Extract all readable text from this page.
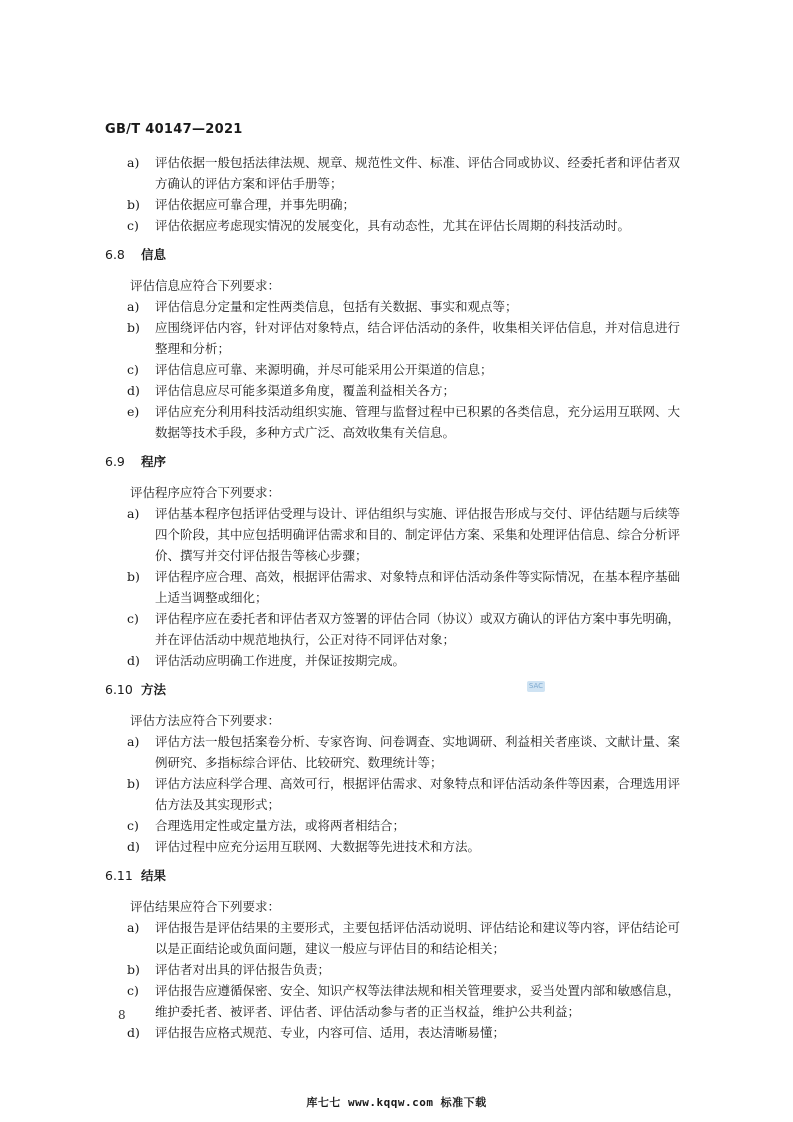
GB/T 40147—2021
a) 评估依据一般包括法律法规、规章、规范性文件、标准、评估合同或协议、经委托者和评估者双方确认的评估方案和评估手册等；
b) 评估依据应可靠合理，并事先明确；
c) 评估依据应考虑现实情况的发展变化，具有动态性，尤其在评估长周期的科技活动时。
6.8 信息
评估信息应符合下列要求：
a) 评估信息分定量和定性两类信息，包括有关数据、事实和观点等；
b) 应围绕评估内容，针对评估对象特点，结合评估活动的条件，收集相关评估信息，并对信息进行整理和分析；
c) 评估信息应可靠、来源明确，并尽可能采用公开渠道的信息；
d) 评估信息应尽可能多渠道多角度，覆盖利益相关各方；
e) 评估应充分利用科技活动组织实施、管理与监督过程中已积累的各类信息，充分运用互联网、大数据等技术手段，多种方式广泛、高效收集有关信息。
6.9 程序
评估程序应符合下列要求：
a) 评估基本程序包括评估受理与设计、评估组织与实施、评估报告形成与交付、评估结题与后续等四个阶段，其中应包括明确评估需求和目的、制定评估方案、采集和处理评估信息、综合分析评价、撰写并交付评估报告等核心步骤；
b) 评估程序应合理、高效，根据评估需求、对象特点和评估活动条件等实际情况，在基本程序基础上适当调整或细化；
c) 评估程序应在委托者和评估者双方签署的评估合同（协议）或双方确认的评估方案中事先明确，并在评估活动中规范地执行，公正对待不同评估对象；
d) 评估活动应明确工作进度，并保证按期完成。
6.10 方法
评估方法应符合下列要求：
a) 评估方法一般包括案卷分析、专家咨询、问卷调查、实地调研、利益相关者座谈、文献计量、案例研究、多指标综合评估、比较研究、数理统计等；
b) 评估方法应科学合理、高效可行，根据评估需求、对象特点和评估活动条件等因素，合理选用评估方法及其实现形式；
c) 合理选用定性或定量方法，或将两者相结合；
d) 评估过程中应充分运用互联网、大数据等先进技术和方法。
6.11 结果
评估结果应符合下列要求：
a) 评估报告是评估结果的主要形式，主要包括评估活动说明、评估结论和建议等内容，评估结论可以是正面结论或负面问题，建议一般应与评估目的和结论相关；
b) 评估者对出具的评估报告负责；
c) 评估报告应遵循保密、安全、知识产权等法律法规和相关管理要求，妥当处置内部和敏感信息，维护委托者、被评者、评估者、评估活动参与者的正当权益，维护公共利益；
d) 评估报告应格式规范、专业，内容可信、适用，表达清晰易懂；
SAC
8
库七七 www.kqqw.com 标准下载
